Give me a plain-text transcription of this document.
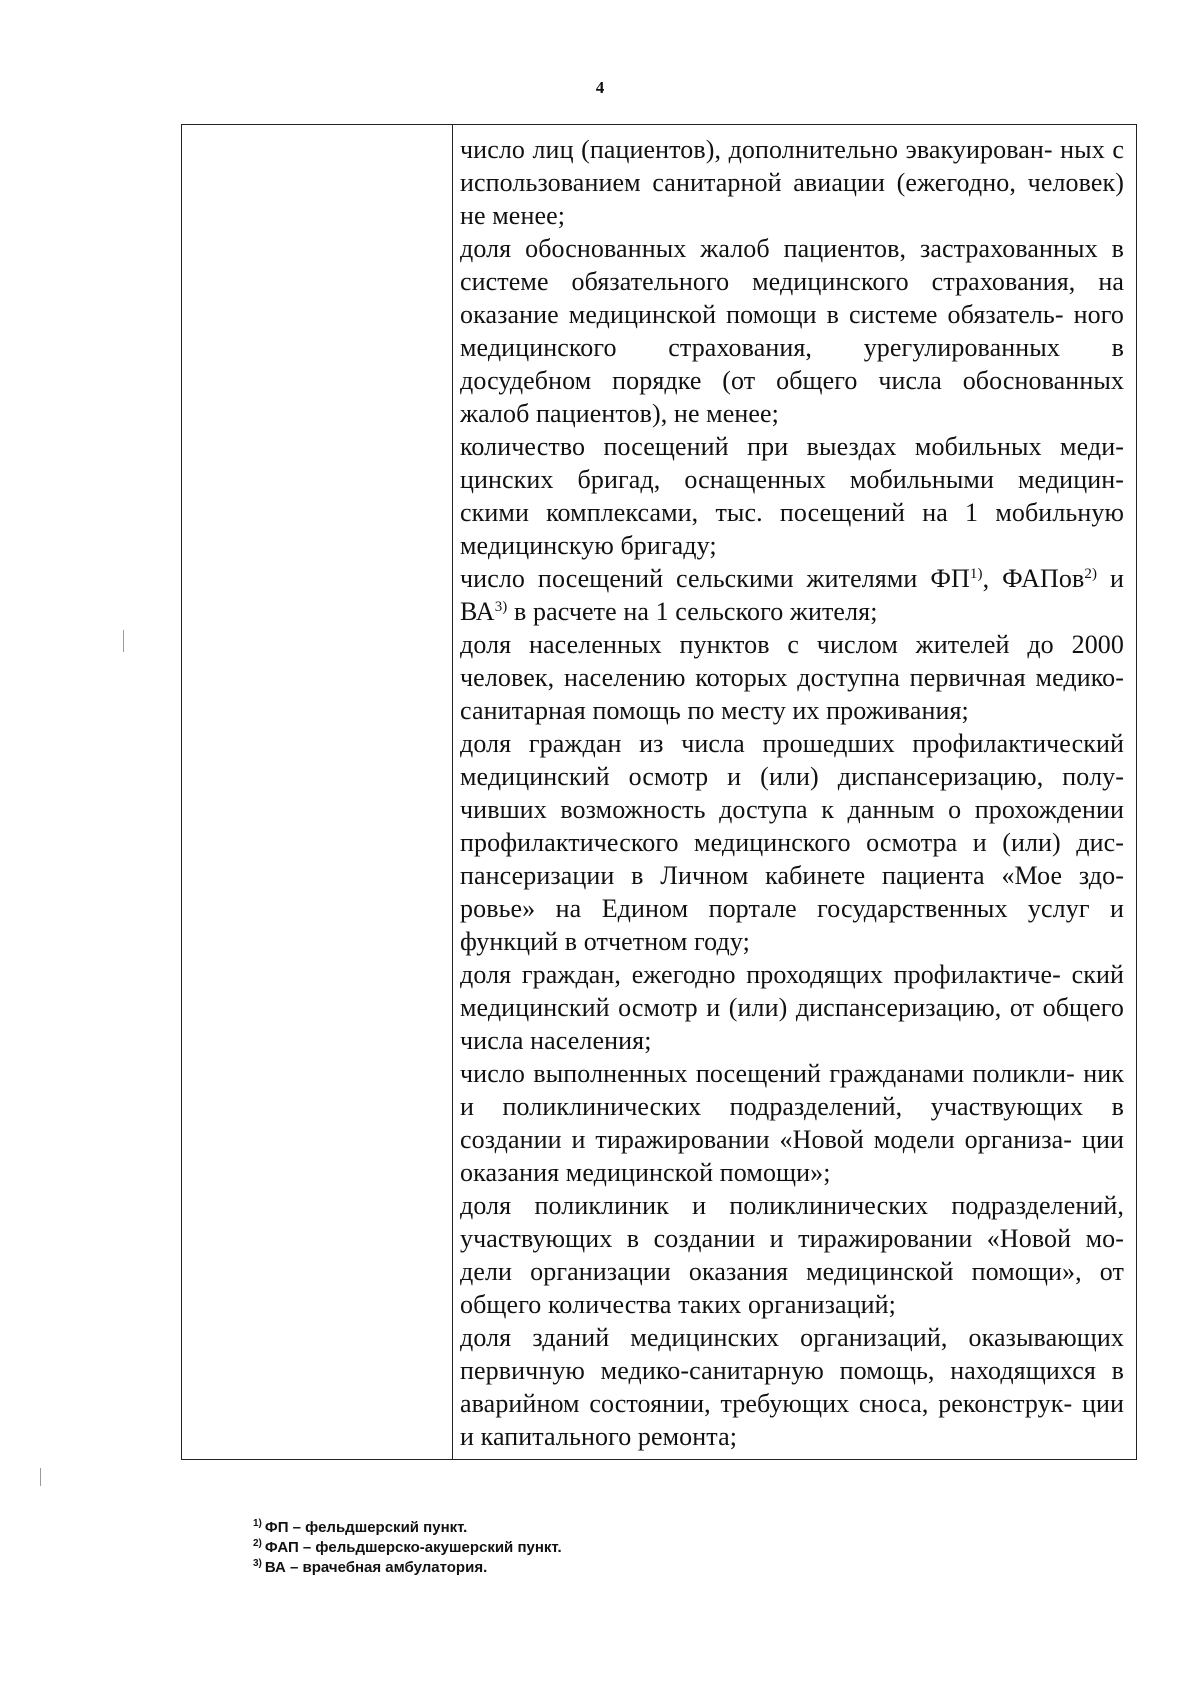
4

число лиц (пациентов), дополнительно эвакуирован- ных с использованием санитарной авиации (ежегодно, человек) не менее;

доля обоснованных жалоб пациентов, застрахованных в системе обязательного медицинского страхования, на оказание медицинской помощи в системе обязатель- ного медицинского страхования, урегулированных в досудебном порядке (от общего числа обоснованных жалоб пациентов), не менее;

количество посещений при выездах мобильных меди- цинских бригад, оснащенных мобильными медицин- скими комплексами, тыс. посещений на 1 мобильную медицинскую бригаду;

число посещений сельскими жителями ФП$^{1)}$, ФАПов$^{2)}$ и ВА$^{3)}$ в расчете на 1 сельского жителя;

доля населенных пунктов с числом жителей до 2000 человек, населению которых доступна первичная медико-санитарная помощь по месту их проживания;

доля граждан из числа прошедших профилактический медицинский осмотр и (или) диспансеризацию, полу- чивших возможность доступа к данным о прохождении профилактического медицинского осмотра и (или) дис- пансеризации в Личном кабинете пациента «Мое здо- ровье» на Едином портале государственных услуг и функций в отчетном году;

доля граждан, ежегодно проходящих профилактиче- ский медицинский осмотр и (или) диспансеризацию, от общего числа населения;

число выполненных посещений гражданами поликли- ник и поликлинических подразделений, участвующих в создании и тиражировании «Новой модели организа- ции оказания медицинской помощи»;

доля поликлиник и поликлинических подразделений, участвующих в создании и тиражировании «Новой мо- дели организации оказания медицинской помощи», от общего количества таких организаций;

доля зданий медицинских организаций, оказывающих первичную медико-санитарную помощь, находящихся в аварийном состоянии, требующих сноса, реконструк- ции и капитального ремонта;

$^{1)}$ ФП – фельдшерский пункт.
$^{2)}$ ФАП – фельдшерско-акушерский пункт.
$^{3)}$ ВА – врачебная амбулатория.
